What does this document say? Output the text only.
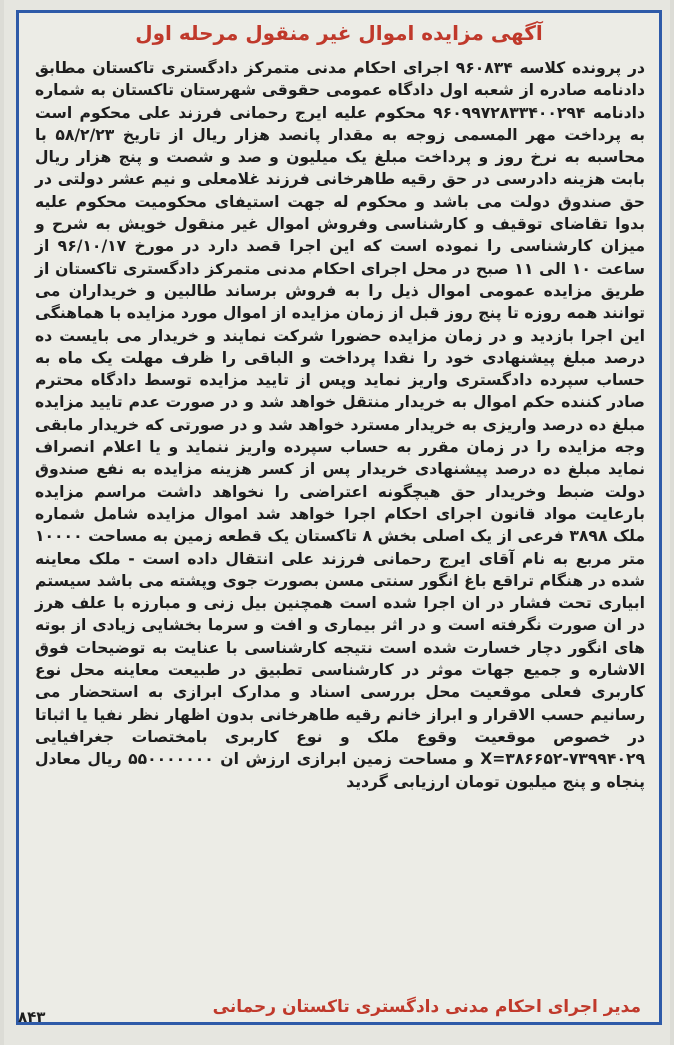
آگهی مزایده اموال غیر منقول مرحله اول
در پرونده کلاسه ۹۶۰۸۳۴ اجرای احکام مدنی متمرکز دادگستری تاکستان مطابق دادنامه صادره از شعبه اول دادگاه عمومی حقوقی شهرستان تاکستان به شماره دادنامه ۹۶۰۹۹۷۲۸۳۳۴۰۰۲۹۴ محکوم علیه ایرج رحمانی فرزند علی محکوم است به پرداخت مهر المسمی زوجه به مقدار پانصد هزار ریال از تاریخ ۵۸/۲/۲۳ با محاسبه به نرخ روز و پرداخت مبلغ یک میلیون و صد و شصت و پنج هزار ریال بابت هزینه دادرسی در حق رقیه طاهرخانی فرزند غلامعلی و نیم عشر دولتی در حق صندوق دولت می باشد و محکوم له جهت استیفای محکومیت محکوم علیه بدوا تقاضای توقیف و کارشناسی وفروش اموال غیر منقول خویش به شرح و میزان کارشناسی را نموده است که این اجرا قصد دارد در مورخ ۹۶/۱۰/۱۷ از ساعت ۱۰ الی ۱۱ صبح در محل اجرای احکام مدنی متمرکز دادگستری تاکستان از طریق مزایده عمومی اموال ذیل را به فروش برساند طالبین و خریداران می توانند همه روزه تا پنج روز قبل از زمان مزایده از اموال مورد مزایده با هماهنگی این اجرا بازدید و در زمان مزایده حضورا شرکت نمایند و خریدار می بایست ده درصد مبلغ پیشنهادی خود را نقدا پرداخت و الباقی را ظرف مهلت یک ماه به حساب سپرده دادگستری واریز نماید وپس از تایید مزایده توسط دادگاه محترم صادر کننده حکم اموال به خریدار منتقل خواهد شد و در صورت عدم تایید مزایده مبلغ ده درصد واریزی به خریدار مسترد خواهد شد و در صورتی که خریدار مابقی وجه مزایده را در زمان مقرر به حساب سپرده واریز ننماید و یا اعلام انصراف نماید مبلغ ده درصد پیشنهادی خریدار پس از کسر هزینه مزایده به نفع صندوق دولت ضبط وخریدار حق هیچگونه اعتراضی را نخواهد داشت مراسم مزایده بارعایت مواد قانون اجرای احکام اجرا خواهد شد اموال مزایده شامل شماره ملک ۳۸۹۸ فرعی از یک اصلی بخش ۸ تاکستان یک قطعه زمین به مساحت ۱۰۰۰۰ متر مربع به نام آقای ایرج رحمانی فرزند علی انتقال داده است - ملک معاینه شده در هنگام تراقع باغ انگور سنتی مسن بصورت جوی وپشته می باشد سیستم ابیاری تحت فشار در ان اجرا شده است همچنین بیل زنی و مبارزه با علف هرز در ان صورت نگرفته است و در اثر بیماری و افت و سرما بخشایی زیادی از بوته های انگور دچار خسارت شده است نتیجه کارشناسی با عنایت به توضیحات فوق الاشاره و جمیع جهات موثر در کارشناسی تطبیق در طبیعت معاینه محل نوع کاربری فعلی موقعیت محل بررسی اسناد و مدارک ابرازی به استحضار می رسانیم حسب الاقرار و ابراز خانم رقیه طاهرخانی بدون اظهار نظر نفیا یا اثباتا در خصوص موقعیت وقوع ملک و نوع کاربری بامختصات جغرافیایی X=۳۸۶۶۵۲-۷۳۹۹۴۰۲۹ و مساحت زمین ابرازی ارزش ان ۵۵۰۰۰۰۰۰۰ ریال معادل پنجاه و پنج میلیون تومان ارزیابی گردید
مدیر اجرای احکام مدنی دادگستری تاکستان رحمانی
۸۴۳
